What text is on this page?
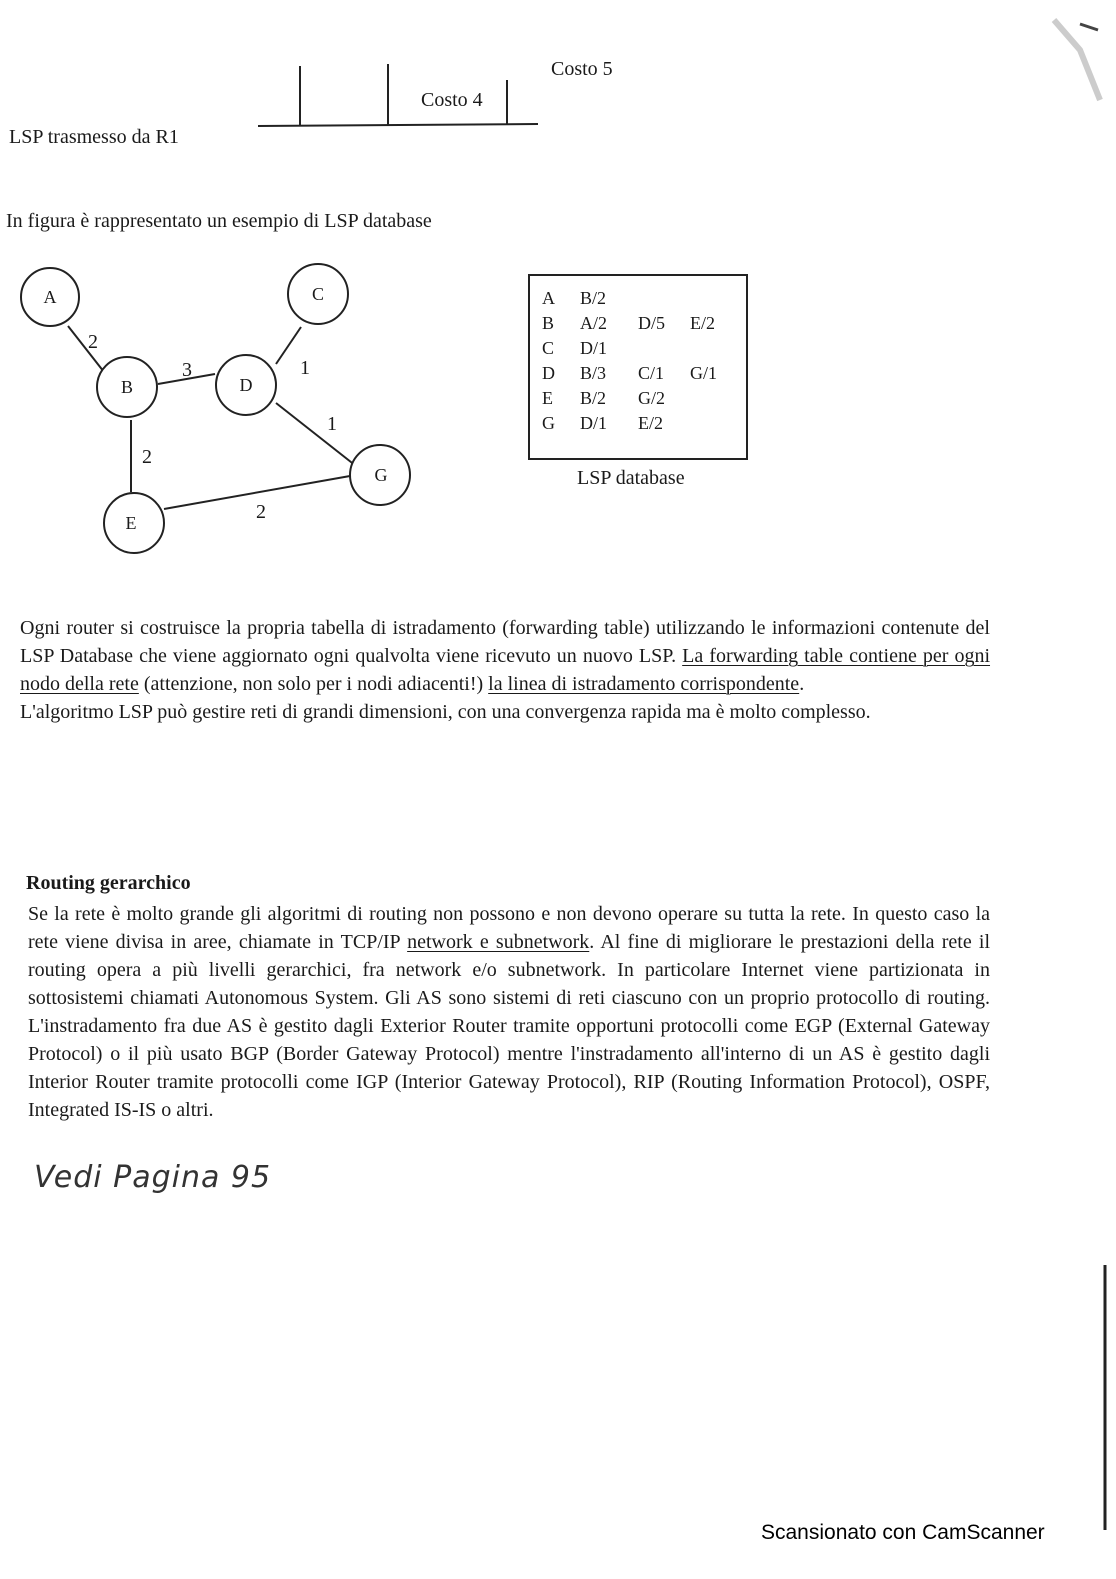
Costo 5
Costo 4
LSP trasmesso da R1
In figura è rappresentato un esempio di LSP database
A
B
C
D
E
G
2
3	1
1
2
2
A	B/2		
B	A/2	D/5	E/2
C	D/1		
D	B/3	C/1	G/1
E	B/2	G/2	
G	D/1	E/2	
LSP database
Ogni router si costruisce la propria tabella di istradamento (forwarding table) utilizzando le informazioni contenute del LSP Database che viene aggiornato ogni qualvolta viene ricevuto un nuovo LSP. La forwarding table contiene per ogni nodo della rete (attenzione, non solo per i nodi adiacenti!) la linea di istradamento corrispondente.
L'algoritmo LSP può gestire reti di grandi dimensioni, con una convergenza rapida ma è molto complesso.
Routing gerarchico
Se la rete è molto grande gli algoritmi di routing non possono e non devono operare su tutta la rete. In questo caso la rete viene divisa in aree, chiamate in TCP/IP network e subnetwork. Al fine di migliorare le prestazioni della rete il routing opera a più livelli gerarchici, fra network e/o subnetwork. In particolare Internet viene partizionata in sottosistemi chiamati Autonomous System. Gli AS sono sistemi di reti ciascuno con un proprio protocollo di routing. L'instradamento fra due AS è gestito dagli Exterior Router tramite opportuni protocolli come EGP (External Gateway Protocol) o il più usato BGP (Border Gateway Protocol) mentre l'instradamento all'interno di un AS è gestito dagli Interior Router tramite protocolli come IGP (Interior Gateway Protocol), RIP (Routing Information Protocol), OSPF, Integrated IS-IS o altri.
Vedi Pagina 95
Scansionato con CamScanner
